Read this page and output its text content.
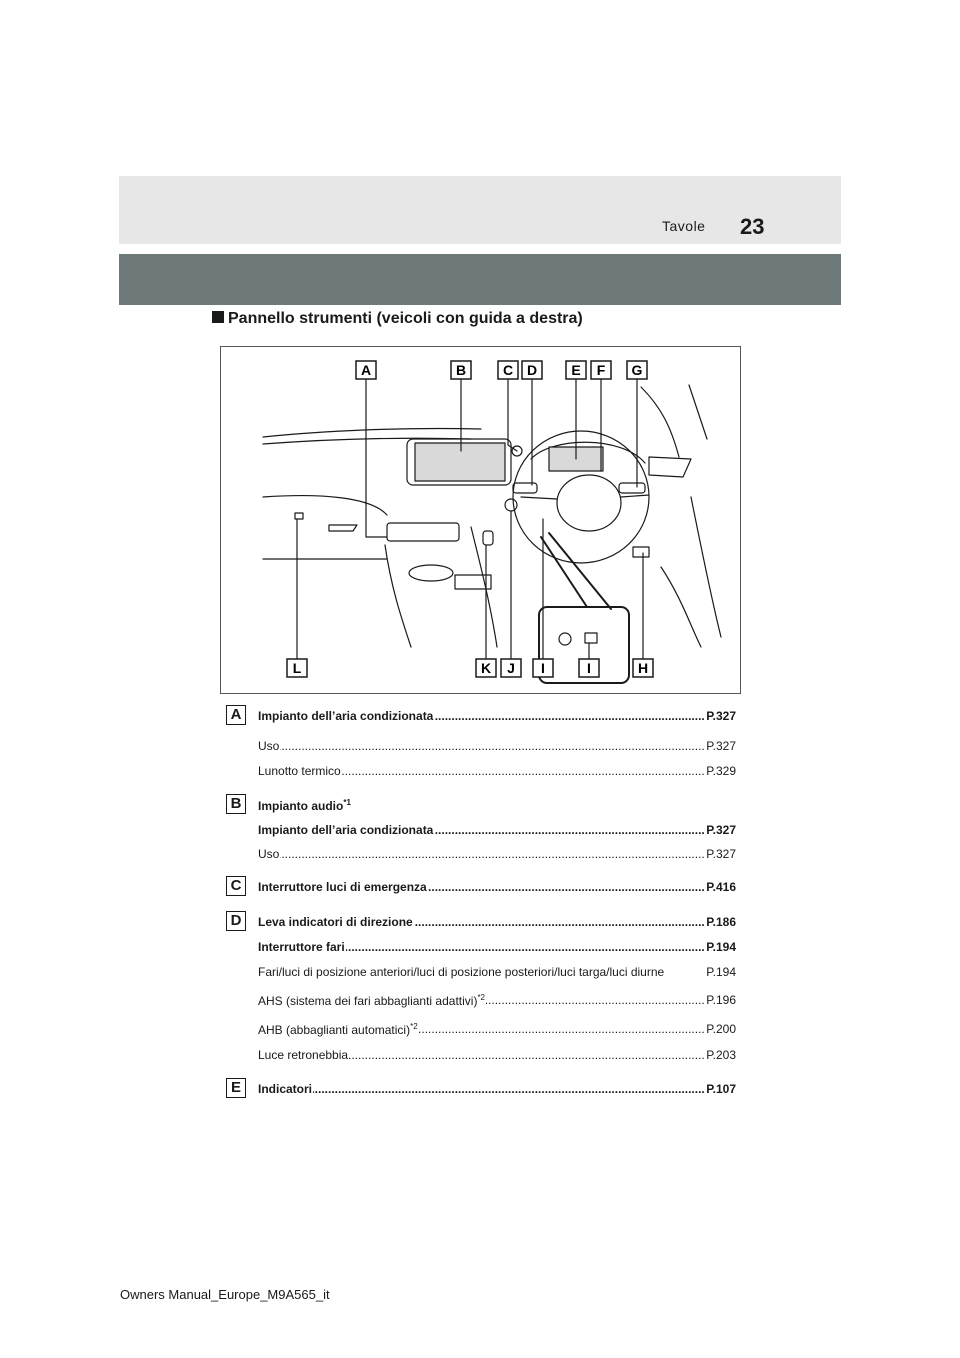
Tavole 23
Pannello strumenti (veicoli con guida a destra)
A	B	C D E F G
L	K J I	I	H
A .....	Impianto dell’aria condizionata	P.327
.....
Uso	P.327
.....
Lunotto termico	P.329
B	Impianto audio$^{*1}$
.....
Impianto dell’aria condizionata	P.327
.....
Uso	P.327
C .....	Interruttore luci di emergenza	P.416
D .....	Leva indicatori di direzione	P.186
.....
Interruttore fari	P.194
Fari/luci di posizione anteriori/luci di posizione posteriori/luci targa/luci diurne	P.194
.....
AHS (sistema dei fari abbaglianti adattivi)$^{*2}$	P.196
.....
AHB (abbaglianti automatici)$^{*2}$	P.200
.....
Luce retronebbia	P.203
E .....	Indicatori	P.107
Owners Manual_Europe_M9A565_it
